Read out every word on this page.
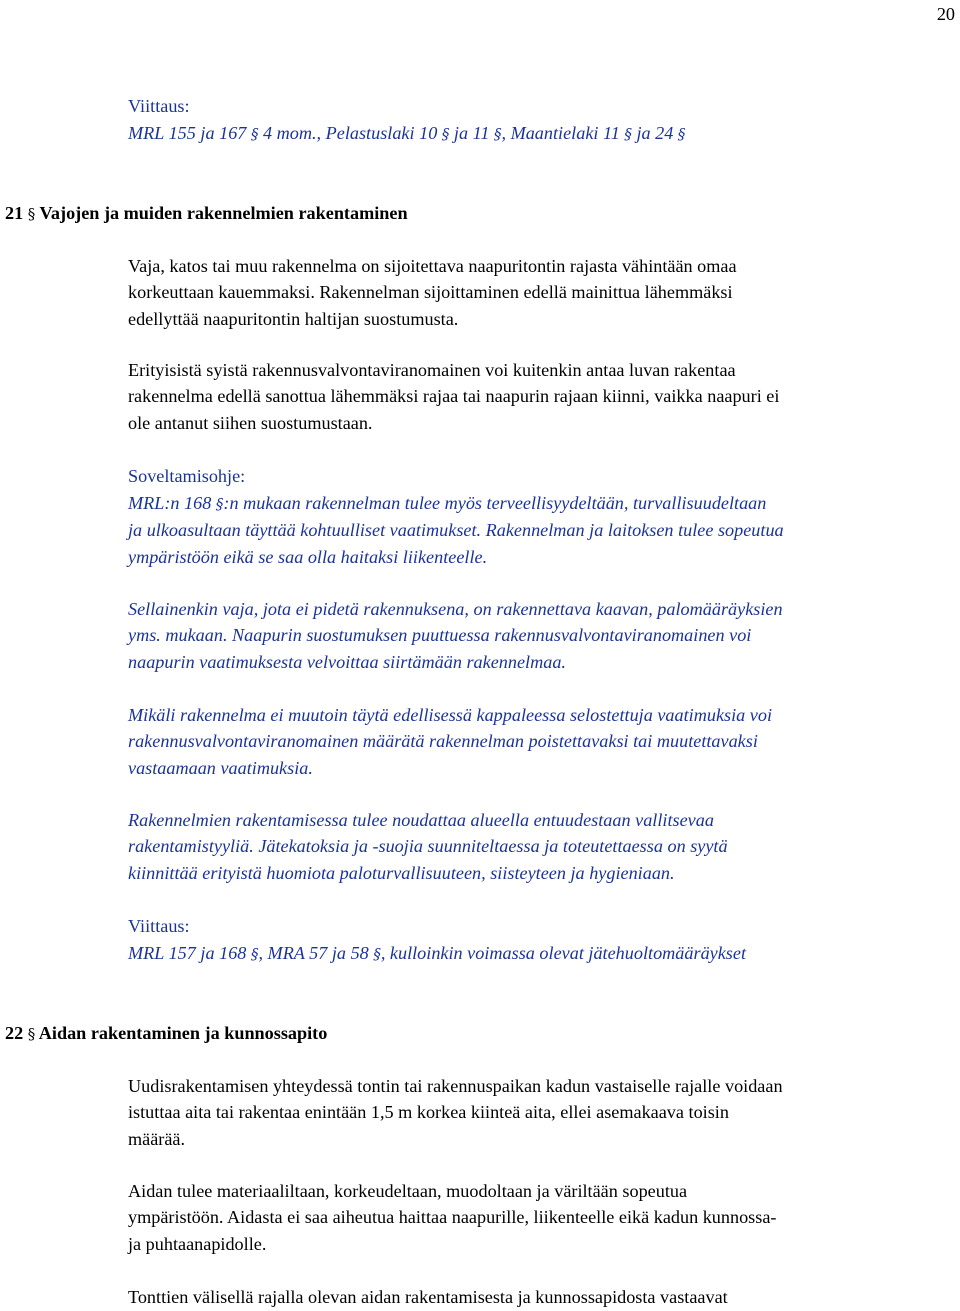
20
Viittaus:
MRL 155 ja 167 § 4 mom., Pelastuslaki 10 § ja 11 §, Maantielaki 11 § ja 24 §
21 § Vajojen ja muiden rakennelmien rakentaminen
Vaja, katos tai muu rakennelma on sijoitettava naapuritontin rajasta vähintään omaa
korkeuttaan kauemmaksi. Rakennelman sijoittaminen edellä mainittua lähemmäksi
edellyttää naapuritontin haltijan suostumusta.
Erityisistä syistä rakennusvalvontaviranomainen voi kuitenkin antaa luvan rakentaa
rakennelma edellä sanottua lähemmäksi rajaa tai naapurin rajaan kiinni, vaikka naapuri ei
ole antanut siihen suostumustaan.
Soveltamisohje:
MRL:n 168 §:n mukaan rakennelman tulee myös terveellisyydeltään, turvallisuudeltaan
ja ulkoasultaan täyttää kohtuulliset vaatimukset. Rakennelman ja laitoksen tulee sopeutua
ympäristöön eikä se saa olla haitaksi liikenteelle.
Sellainenkin vaja, jota ei pidetä rakennuksena, on rakennettava kaavan, palomääräyksien
yms. mukaan. Naapurin suostumuksen puuttuessa rakennusvalvontaviranomainen voi
naapurin vaatimuksesta velvoittaa siirtämään rakennelmaa.
Mikäli rakennelma ei muutoin täytä edellisessä kappaleessa selostettuja vaatimuksia voi
rakennusvalvontaviranomainen määrätä rakennelman poistettavaksi tai muutettavaksi
vastaamaan vaatimuksia.
Rakennelmien rakentamisessa tulee noudattaa alueella entuudestaan vallitsevaa
rakentamistyyliä. Jätekatoksia ja -suojia suunniteltaessa ja toteutettaessa on syytä
kiinnittää erityistä huomiota paloturvallisuuteen, siisteyteen ja hygieniaan.
Viittaus:
MRL 157 ja 168 §, MRA 57 ja 58 §, kulloinkin voimassa olevat jätehuoltomääräykset
22 § Aidan rakentaminen ja kunnossapito
Uudisrakentamisen yhteydessä tontin tai rakennuspaikan kadun vastaiselle rajalle voidaan
istuttaa aita tai rakentaa enintään 1,5 m korkea kiinteä aita, ellei asemakaava toisin
määrää.
Aidan tulee materiaaliltaan, korkeudeltaan, muodoltaan ja väriltään sopeutua
ympäristöön. Aidasta ei saa aiheutua haittaa naapurille, liikenteelle eikä kadun kunnossa-
ja puhtaanapidolle.
Tonttien välisellä rajalla olevan aidan rakentamisesta ja kunnossapidosta vastaavat
